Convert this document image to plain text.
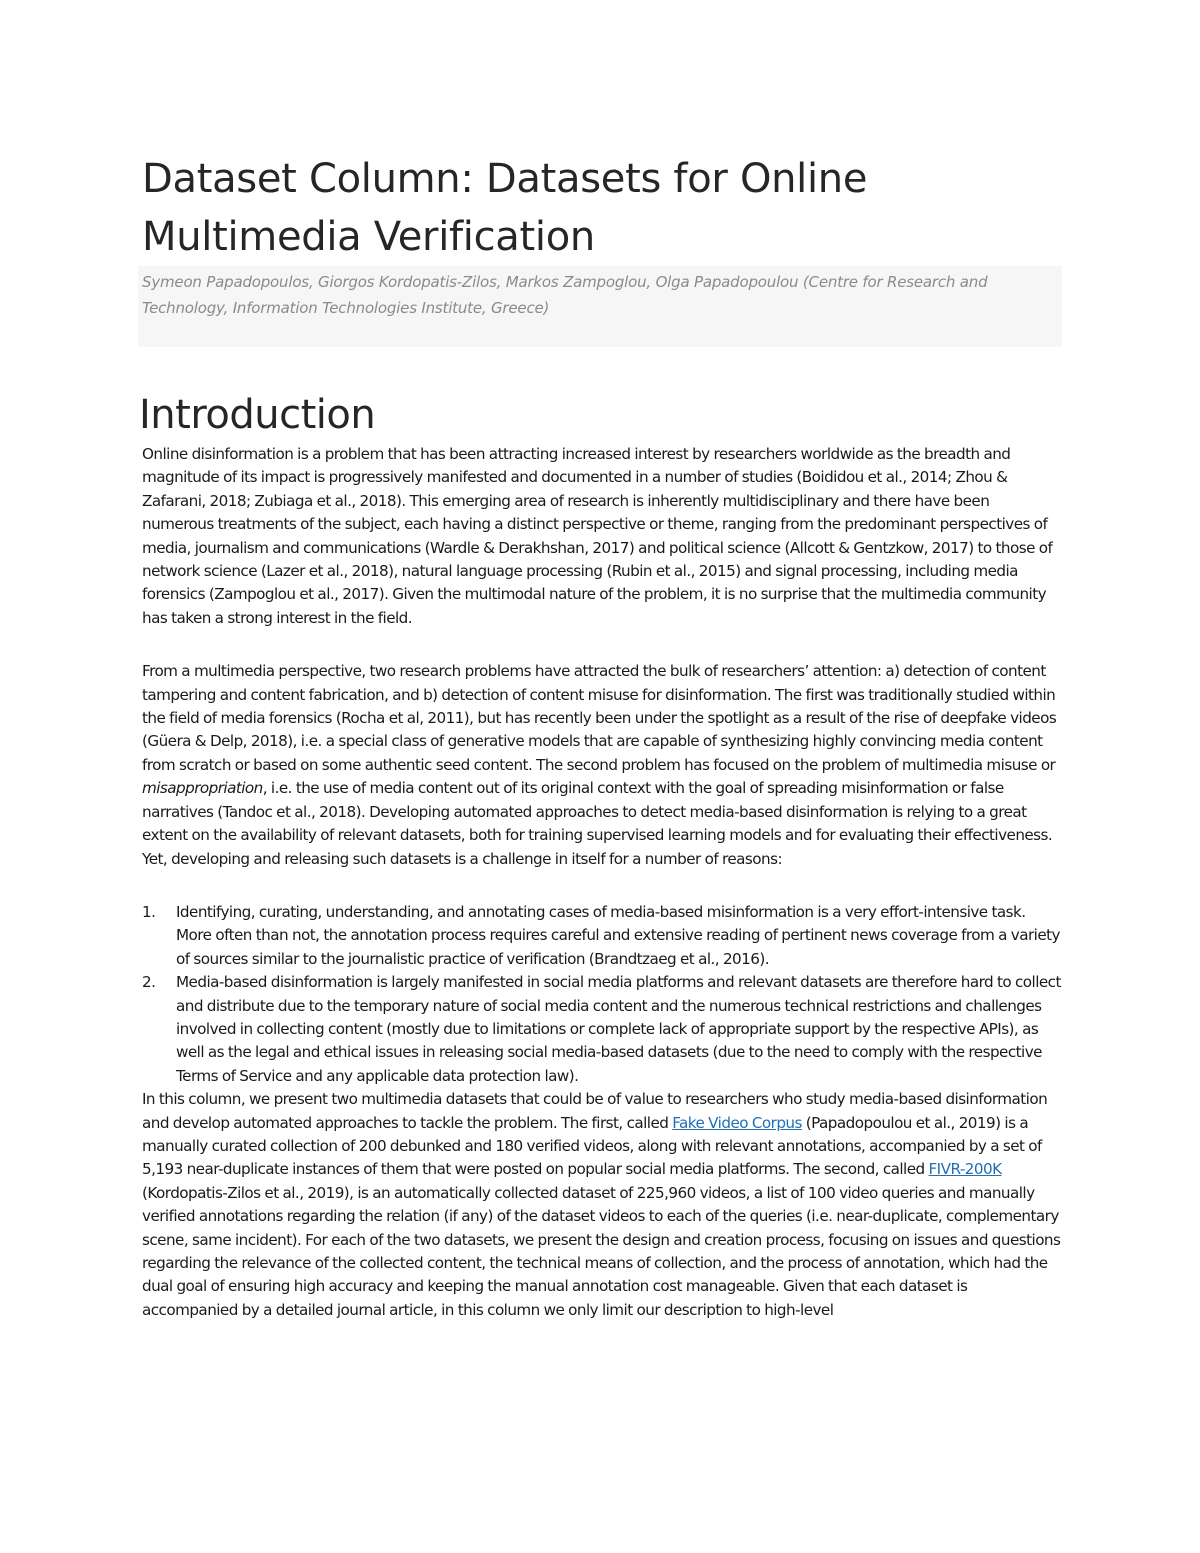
Dataset Column: Datasets for Online Multimedia Verification

Symeon Papadopoulos, Giorgos Kordopatis-Zilos, Markos Zampoglou, Olga Papadopoulou (Centre for Research and Technology, Information Technologies Institute, Greece)

Introduction

Online disinformation is a problem that has been attracting increased interest by researchers worldwide as the breadth and magnitude of its impact is progressively manifested and documented in a number of studies (Boididou et al., 2014; Zhou & Zafarani, 2018; Zubiaga et al., 2018). This emerging area of research is inherently multidisciplinary and there have been numerous treatments of the subject, each having a distinct perspective or theme, ranging from the predominant perspectives of media, journalism and communications (Wardle & Derakhshan, 2017) and political science (Allcott & Gentzkow, 2017) to those of network science (Lazer et al., 2018), natural language processing (Rubin et al., 2015) and signal processing, including media forensics (Zampoglou et al., 2017). Given the multimodal nature of the problem, it is no surprise that the multimedia community has taken a strong interest in the field.

From a multimedia perspective, two research problems have attracted the bulk of researchers’ attention: a) detection of content tampering and content fabrication, and b) detection of content misuse for disinformation. The first was traditionally studied within the field of media forensics (Rocha et al, 2011), but has recently been under the spotlight as a result of the rise of deepfake videos (Güera & Delp, 2018), i.e. a special class of generative models that are capable of synthesizing highly convincing media content from scratch or based on some authentic seed content. The second problem has focused on the problem of multimedia misuse or misappropriation, i.e. the use of media content out of its original context with the goal of spreading misinformation or false narratives (Tandoc et al., 2018). Developing automated approaches to detect media-based disinformation is relying to a great extent on the availability of relevant datasets, both for training supervised learning models and for evaluating their effectiveness. Yet, developing and releasing such datasets is a challenge in itself for a number of reasons:

1. Identifying, curating, understanding, and annotating cases of media-based misinformation is a very effort-intensive task. More often than not, the annotation process requires careful and extensive reading of pertinent news coverage from a variety of sources similar to the journalistic practice of verification (Brandtzaeg et al., 2016).
2. Media-based disinformation is largely manifested in social media platforms and relevant datasets are therefore hard to collect and distribute due to the temporary nature of social media content and the numerous technical restrictions and challenges involved in collecting content (mostly due to limitations or complete lack of appropriate support by the respective APIs), as well as the legal and ethical issues in releasing social media-based datasets (due to the need to comply with the respective Terms of Service and any applicable data protection law).

In this column, we present two multimedia datasets that could be of value to researchers who study media-based disinformation and develop automated approaches to tackle the problem. The first, called Fake Video Corpus (Papadopoulou et al., 2019) is a manually curated collection of 200 debunked and 180 verified videos, along with relevant annotations, accompanied by a set of 5,193 near-duplicate instances of them that were posted on popular social media platforms. The second, called FIVR-200K (Kordopatis-Zilos et al., 2019), is an automatically collected dataset of 225,960 videos, a list of 100 video queries and manually verified annotations regarding the relation (if any) of the dataset videos to each of the queries (i.e. near-duplicate, complementary scene, same incident). For each of the two datasets, we present the design and creation process, focusing on issues and questions regarding the relevance of the collected content, the technical means of collection, and the process of annotation, which had the dual goal of ensuring high accuracy and keeping the manual annotation cost manageable. Given that each dataset is accompanied by a detailed journal article, in this column we only limit our description to high-level
